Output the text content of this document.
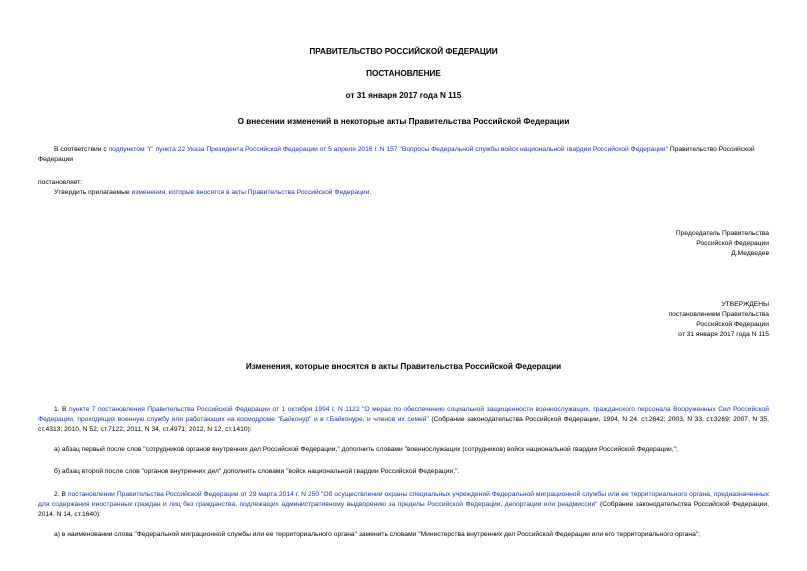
ПРАВИТЕЛЬСТВО РОССИЙСКОЙ ФЕДЕРАЦИИ

ПОСТАНОВЛЕНИЕ

от 31 января 2017 года N 115

О внесении изменений в некоторые акты Правительства Российской Федерации

В соответствии с подпунктом "г" пункта 22 Указа Президента Российской Федерации от 5 апреля 2016 г. N 157 "Вопросы Федеральной службы войск национальной гвардии Российской Федерации" Правительство Российской Федерации

постановляет:

Утвердить прилагаемые изменения, которые вносятся в акты Правительства Российской Федерации.

Председатель Правительства
Российской Федерации
Д.Медведев
УТВЕРЖДЕНЫ
постановлением Правительства
Российской Федерации
от 31 января 2017 года N 115

Изменения, которые вносятся в акты Правительства Российской Федерации

1. В пункте 7 постановления Правительства Российской Федерации от 1 октября 1994 г. N 1122 "О мерах по обеспечению социальной защищенности военнослужащих, гражданского персонала Вооруженных Сил Российской Федерации, проходящих военную службу или работающих на космодроме "Байконур" и в г.Байконуре, и членов их семей" (Собрание законодательства Российской Федерации, 1994, N 24, ст.2642; 2003, N 33, ст.3269; 2007, N 35, ст.4313; 2010, N 52, ст.7122; 2011, N 34, ст.4971; 2012, N 12, ст.1410):

а) абзац первый после слов "сотрудников органов внутренних дел Российской Федерации," дополнить словами "военнослужащих (сотрудников) войск национальной гвардии Российской Федерации,";

б) абзац второй после слов "органов внутренних дел" дополнить словами "войск национальной гвардии Российской Федерации,".

2. В постановлении Правительства Российской Федерации от 29 марта 2014 г. N 250 "Об осуществлении охраны специальных учреждений Федеральной миграционной службы или ее территориального органа, предназначенных для содержания иностранных граждан и лиц без гражданства, подлежащих административному выдворению за пределы Российской Федерации, депортации или реадмиссии" (Собрание законодательства Российской Федерации, 2014, N 14, ст.1640):

а) в наименовании слова "Федеральной миграционной службы или ее территориального органа" заменить словами "Министерства внутренних дел Российской Федерации или его территориального органа";
